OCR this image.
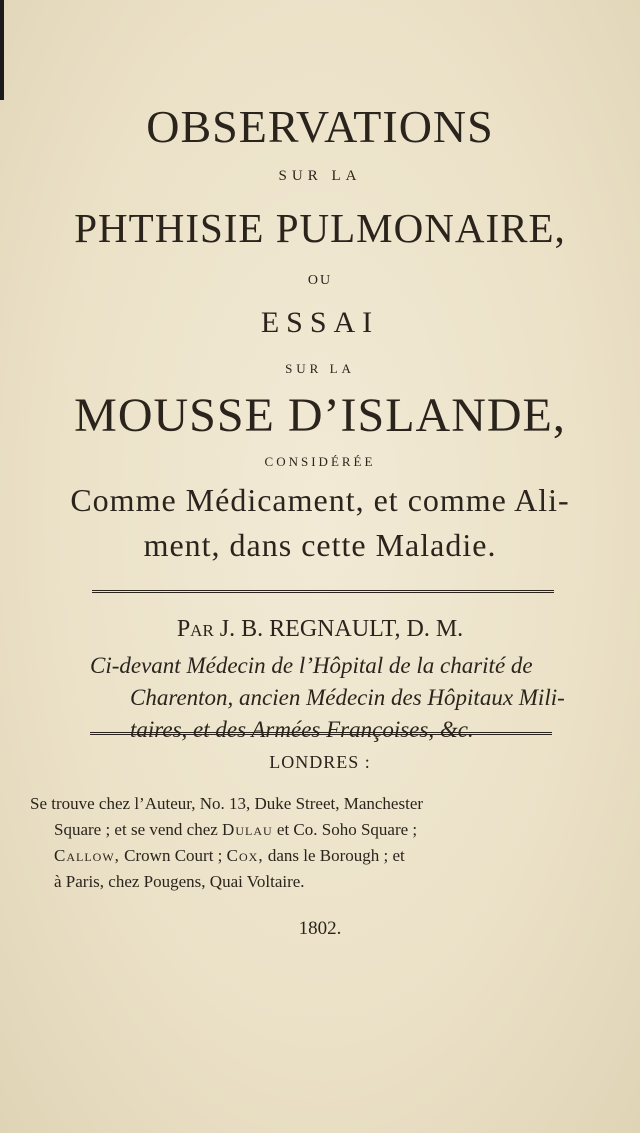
OBSERVATIONS
SUR LA
PHTHISIE PULMONAIRE,
OU
ESSAI
SUR LA
MOUSSE D’ISLANDE,
CONSIDÉRÉE
Comme Médicament, et comme Ali-
ment, dans cette Maladie.
Par J. B. REGNAULT, D. M.
Ci-devant Médecin de l’Hôpital de la charité de
Charenton, ancien Médecin des Hôpitaux Mili-
taires, et des Armées Françoises, &c.
LONDRES :
Se trouve chez l’Auteur, No. 13, Duke Street, Manchester
Square ; et se vend chez Dulau et Co. Soho Square ;
Callow, Crown Court ; Cox, dans le Borough ; et
à Paris, chez Pougens, Quai Voltaire.
1802.
